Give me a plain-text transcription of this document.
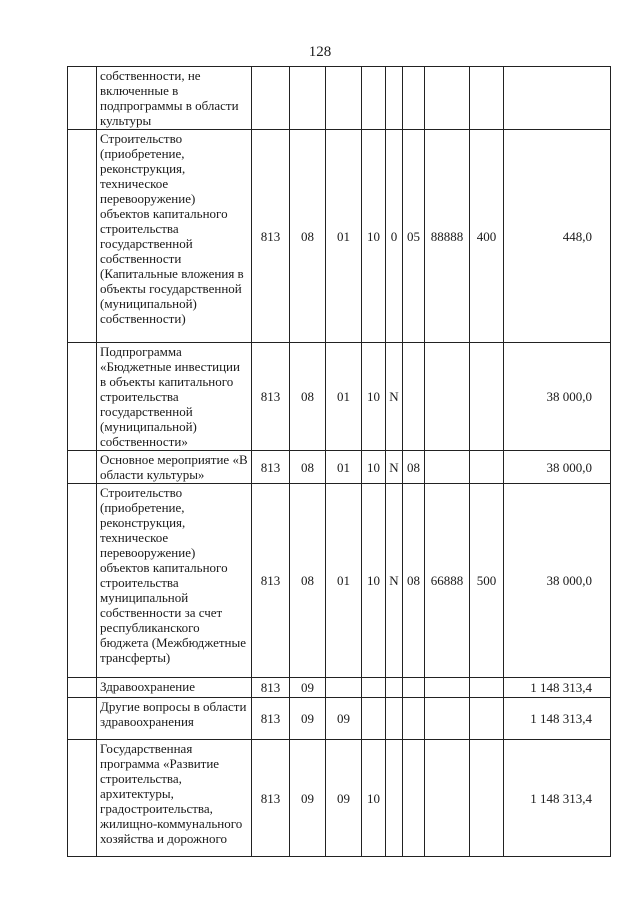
128
	собственности, не включенные в подпрограммы в области культуры									
	Строительство (приобретение, реконструкция, техническое перевооружение) объектов капитального строительства государственной собственности (Капитальные вложения в объекты государственной (муниципальной) собственности)	813	08	01	10	0	05	88888	400	448,0
	Подпрограмма «Бюджетные инвестиции в объекты капитального строительства государственной (муниципальной) собственности»	813	08	01	10	N				38 000,0
	Основное мероприятие «В области культуры»	813	08	01	10	N	08			38 000,0
	Строительство (приобретение, реконструкция, техническое перевооружение) объектов капитального строительства муниципальной собственности за счет республиканского бюджета (Межбюджетные трансферты)	813	08	01	10	N	08	66888	500	38 000,0
	Здравоохранение	813	09							1 148 313,4
	Другие вопросы в области здравоохранения	813	09	09						1 148 313,4
	Государственная программа «Развитие строительства, архитектуры, градостроительства, жилищно-коммунального хозяйства и дорожного	813	09	09	10					1 148 313,4
